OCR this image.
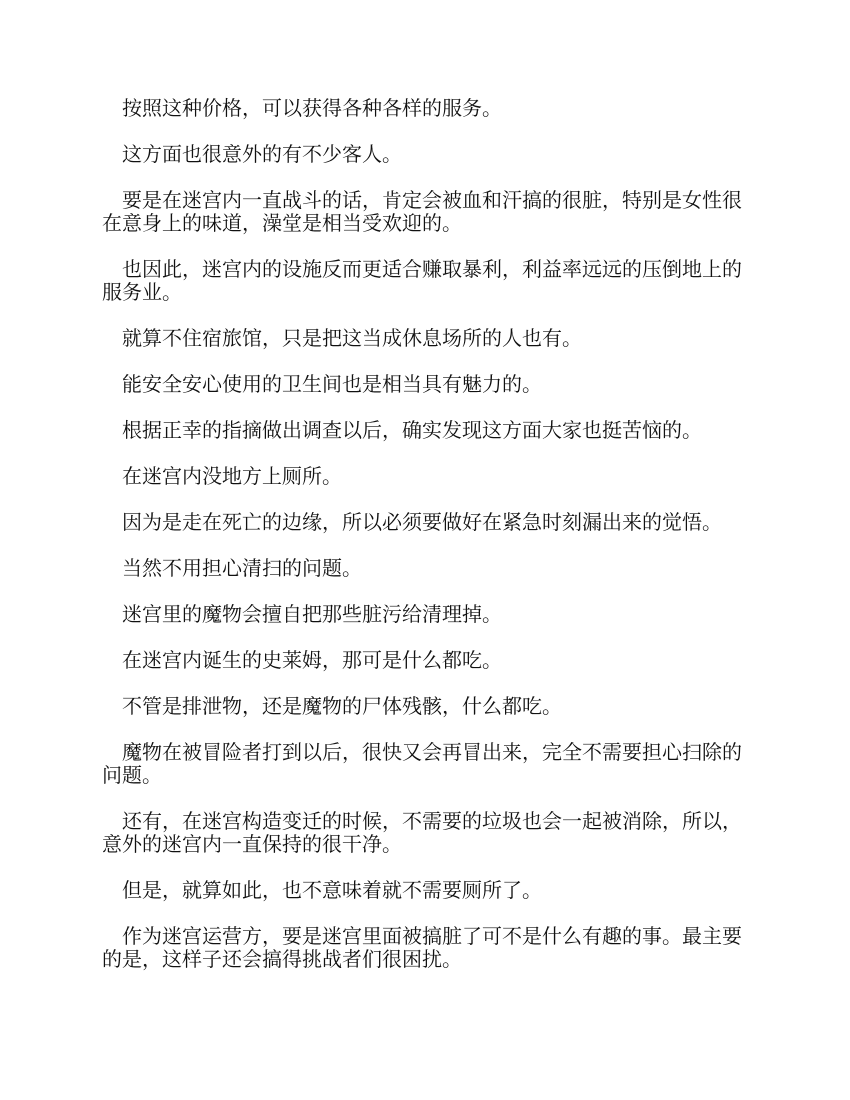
按照这种价格，可以获得各种各样的服务。

这方面也很意外的有不少客人。

要是在迷宫内一直战斗的话，肯定会被血和汗搞的很脏，特别是女性很在意身上的味道，澡堂是相当受欢迎的。

也因此，迷宫内的设施反而更适合赚取暴利，利益率远远的压倒地上的服务业。

就算不住宿旅馆，只是把这当成休息场所的人也有。

能安全安心使用的卫生间也是相当具有魅力的。

根据正幸的指摘做出调查以后，确实发现这方面大家也挺苦恼的。

在迷宫内没地方上厕所。

因为是走在死亡的边缘，所以必须要做好在紧急时刻漏出来的觉悟。

当然不用担心清扫的问题。

迷宫里的魔物会擅自把那些脏污给清理掉。

在迷宫内诞生的史莱姆，那可是什么都吃。

不管是排泄物，还是魔物的尸体残骸，什么都吃。

魔物在被冒险者打到以后，很快又会再冒出来，完全不需要担心扫除的问题。

还有，在迷宫构造变迁的时候，不需要的垃圾也会一起被消除，所以，意外的迷宫内一直保持的很干净。

但是，就算如此，也不意味着就不需要厕所了。

作为迷宫运营方，要是迷宫里面被搞脏了可不是什么有趣的事。最主要的是，这样子还会搞得挑战者们很困扰。
